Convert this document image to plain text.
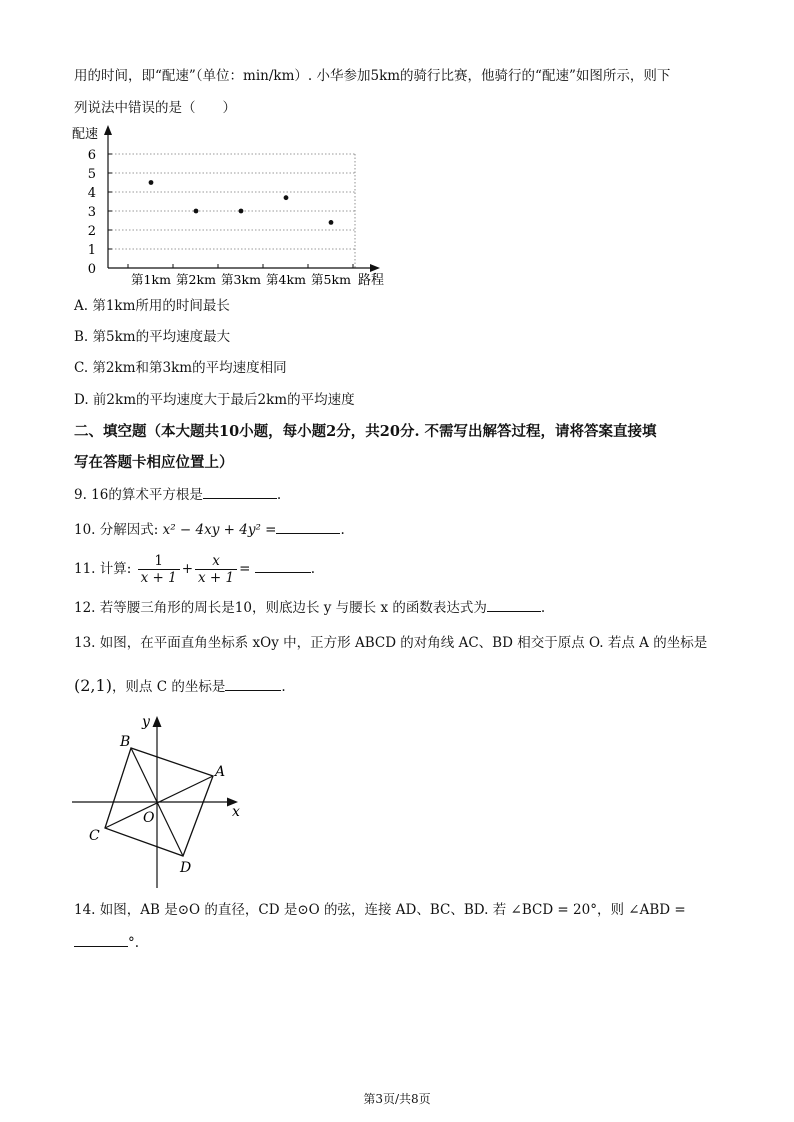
用的时间，即“配速”（单位：min/km）. 小华参加5km的骑行比赛，他骑行的“配速”如图所示，则下
列说法中错误的是（　　）
配速
路程
0
1
2
3
4
5
6
第1km 第2km 第3km 第4km 第5km
A. 第1km所用的时间最长
B. 第5km的平均速度最大
C. 第2km和第3km的平均速度相同
D. 前2km的平均速度大于最后2km的平均速度
二、填空题（本大题共10小题，每小题2分，共20分. 不需写出解答过程，请将答案直接填
写在答题卡相应位置上）
9. 16的算术平方根是	.
10. 分解因式: x² − 4xy + 4y² =	.
11. 计算: $\frac{1}{x + 1} + \frac{x}{x + 1}$ =	.
12. 若等腰三角形的周长是10，则底边长 y 与腰长 x 的函数表达式为	.
13. 如图，在平面直角坐标系 xOy 中，正方形 ABCD 的对角线 AC、BD 相交于原点 O. 若点 A 的坐标是
(2,1)，则点 C 的坐标是	.
y
x
O
A
B
C
D
14. 如图，AB 是⊙O 的直径，CD 是⊙O 的弦，连接 AD、BC、BD. 若 ∠BCD = 20°，则 ∠ABD =
°.
第3页/共8页
